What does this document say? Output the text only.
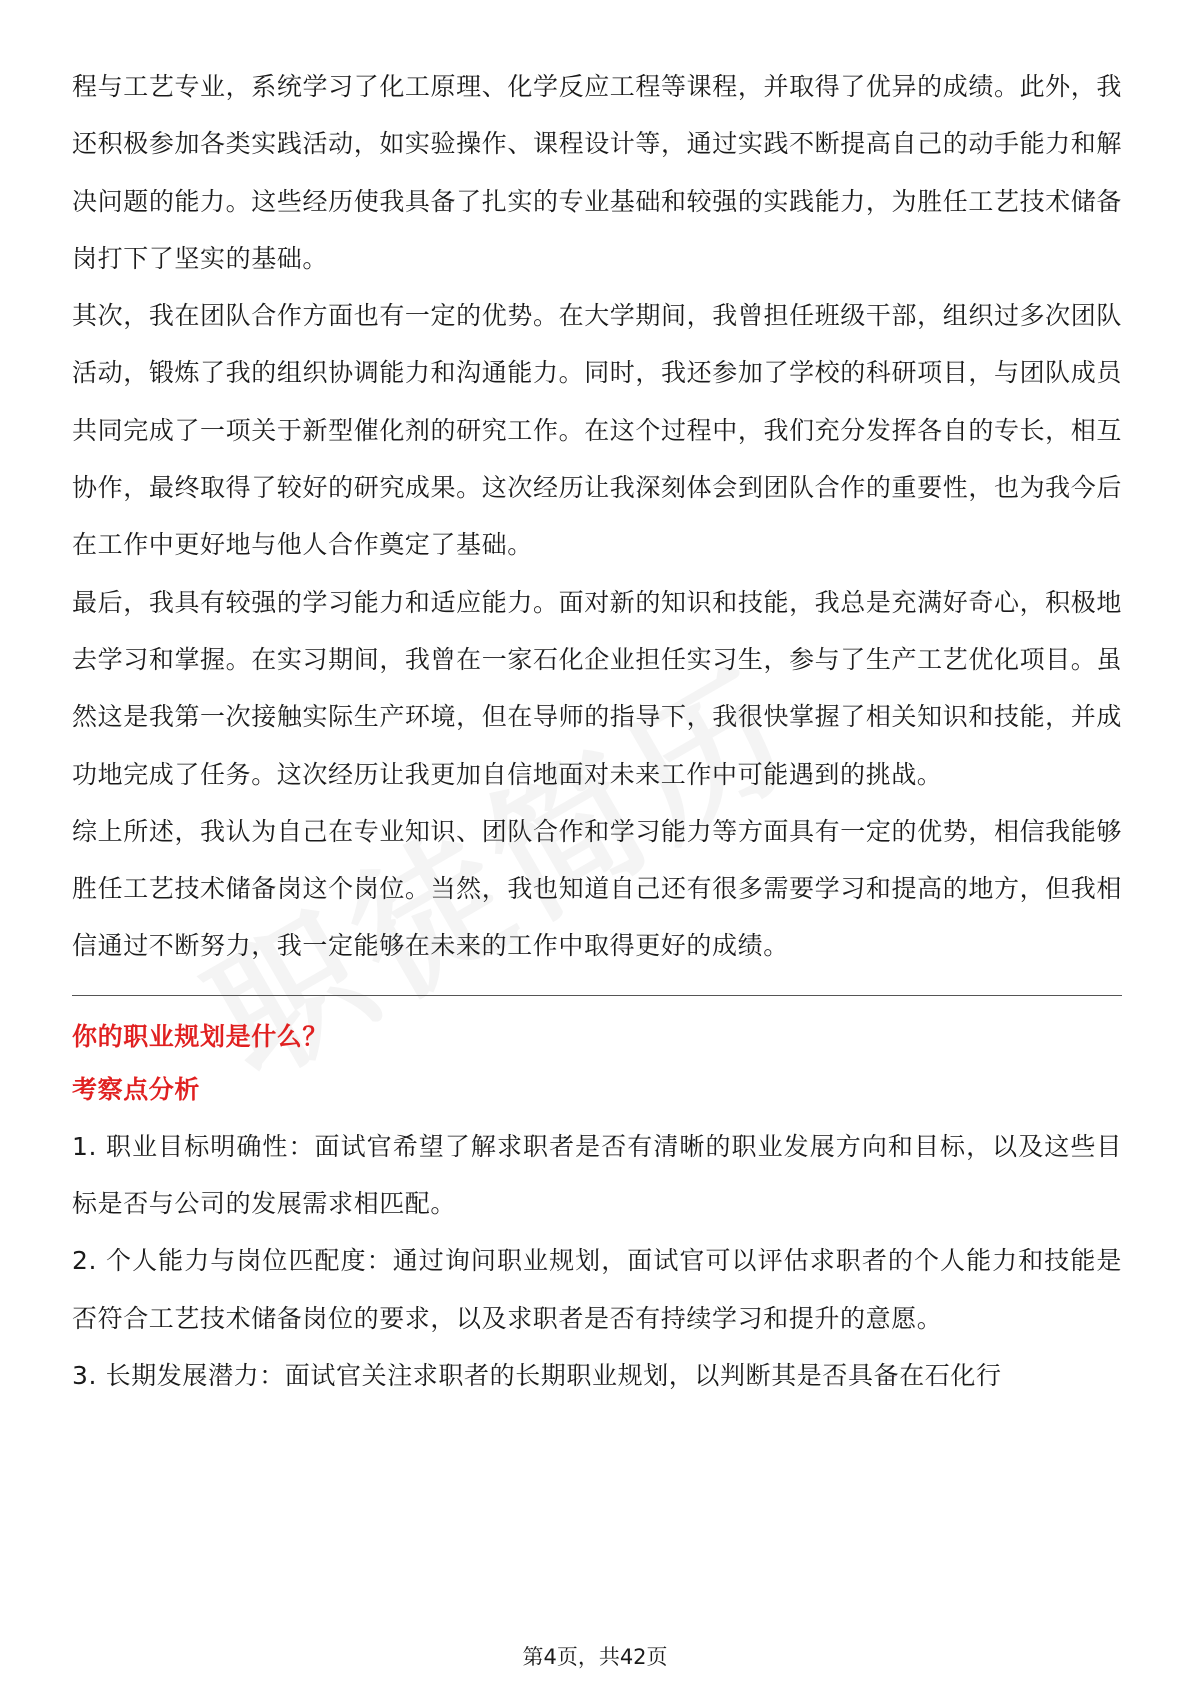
程与工艺专业，系统学习了化工原理、化学反应工程等课程，并取得了优异的成绩。此外，我还积极参加各类实践活动，如实验操作、课程设计等，通过实践不断提高自己的动手能力和解决问题的能力。这些经历使我具备了扎实的专业基础和较强的实践能力，为胜任工艺技术储备岗打下了坚实的基础。

其次，我在团队合作方面也有一定的优势。在大学期间，我曾担任班级干部，组织过多次团队活动，锻炼了我的组织协调能力和沟通能力。同时，我还参加了学校的科研项目，与团队成员共同完成了一项关于新型催化剂的研究工作。在这个过程中，我们充分发挥各自的专长，相互协作，最终取得了较好的研究成果。这次经历让我深刻体会到团队合作的重要性，也为我今后在工作中更好地与他人合作奠定了基础。

最后，我具有较强的学习能力和适应能力。面对新的知识和技能，我总是充满好奇心，积极地去学习和掌握。在实习期间，我曾在一家石化企业担任实习生，参与了生产工艺优化项目。虽然这是我第一次接触实际生产环境，但在导师的指导下，我很快掌握了相关知识和技能，并成功地完成了任务。这次经历让我更加自信地面对未来工作中可能遇到的挑战。

综上所述，我认为自己在专业知识、团队合作和学习能力等方面具有一定的优势，相信我能够胜任工艺技术储备岗这个岗位。当然，我也知道自己还有很多需要学习和提高的地方，但我相信通过不断努力，我一定能够在未来的工作中取得更好的成绩。

你的职业规划是什么？

考察点分析

1. 职业目标明确性：面试官希望了解求职者是否有清晰的职业发展方向和目标，以及这些目标是否与公司的发展需求相匹配。

2. 个人能力与岗位匹配度：通过询问职业规划，面试官可以评估求职者的个人能力和技能是否符合工艺技术储备岗位的要求，以及求职者是否有持续学习和提升的意愿。

3. 长期发展潜力：面试官关注求职者的长期职业规划，以判断其是否具备在石化行

第4页，共42页
